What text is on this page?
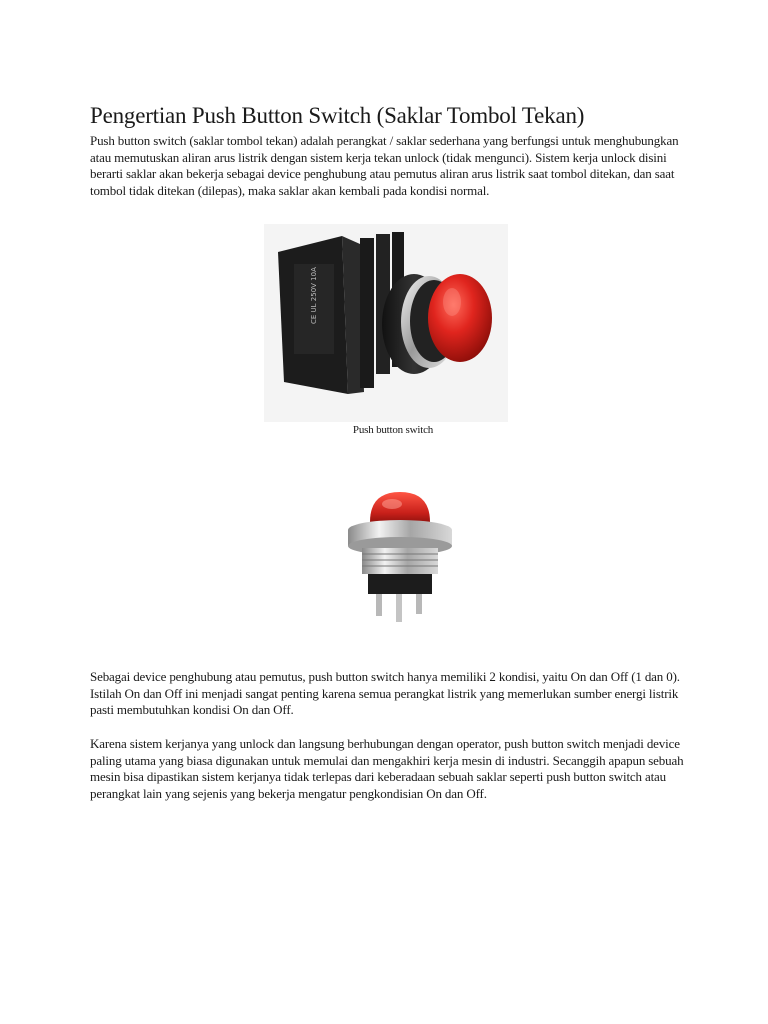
Pengertian Push Button Switch (Saklar Tombol Tekan)

Push button switch (saklar tombol tekan) adalah perangkat / saklar sederhana yang berfungsi untuk menghubungkan atau memutuskan aliran arus listrik dengan sistem kerja tekan unlock (tidak mengunci). Sistem kerja unlock disini berarti saklar akan bekerja sebagai device penghubung atau pemutus aliran arus listrik saat tombol ditekan, dan saat tombol tidak ditekan (dilepas), maka saklar akan kembali pada kondisi normal.

CE UL 250V 10A
Push button switch

Sebagai device penghubung atau pemutus, push button switch hanya memiliki 2 kondisi, yaitu On dan Off (1 dan 0). Istilah On dan Off ini menjadi sangat penting karena semua perangkat listrik yang memerlukan sumber energi listrik pasti membutuhkan kondisi On dan Off.

Karena sistem kerjanya yang unlock dan langsung berhubungan dengan operator, push button switch menjadi device paling utama yang biasa digunakan untuk memulai dan mengakhiri kerja mesin di industri. Secanggih apapun sebuah mesin bisa dipastikan sistem kerjanya tidak terlepas dari keberadaan sebuah saklar seperti push button switch atau perangkat lain yang sejenis yang bekerja mengatur pengkondisian On dan Off.
